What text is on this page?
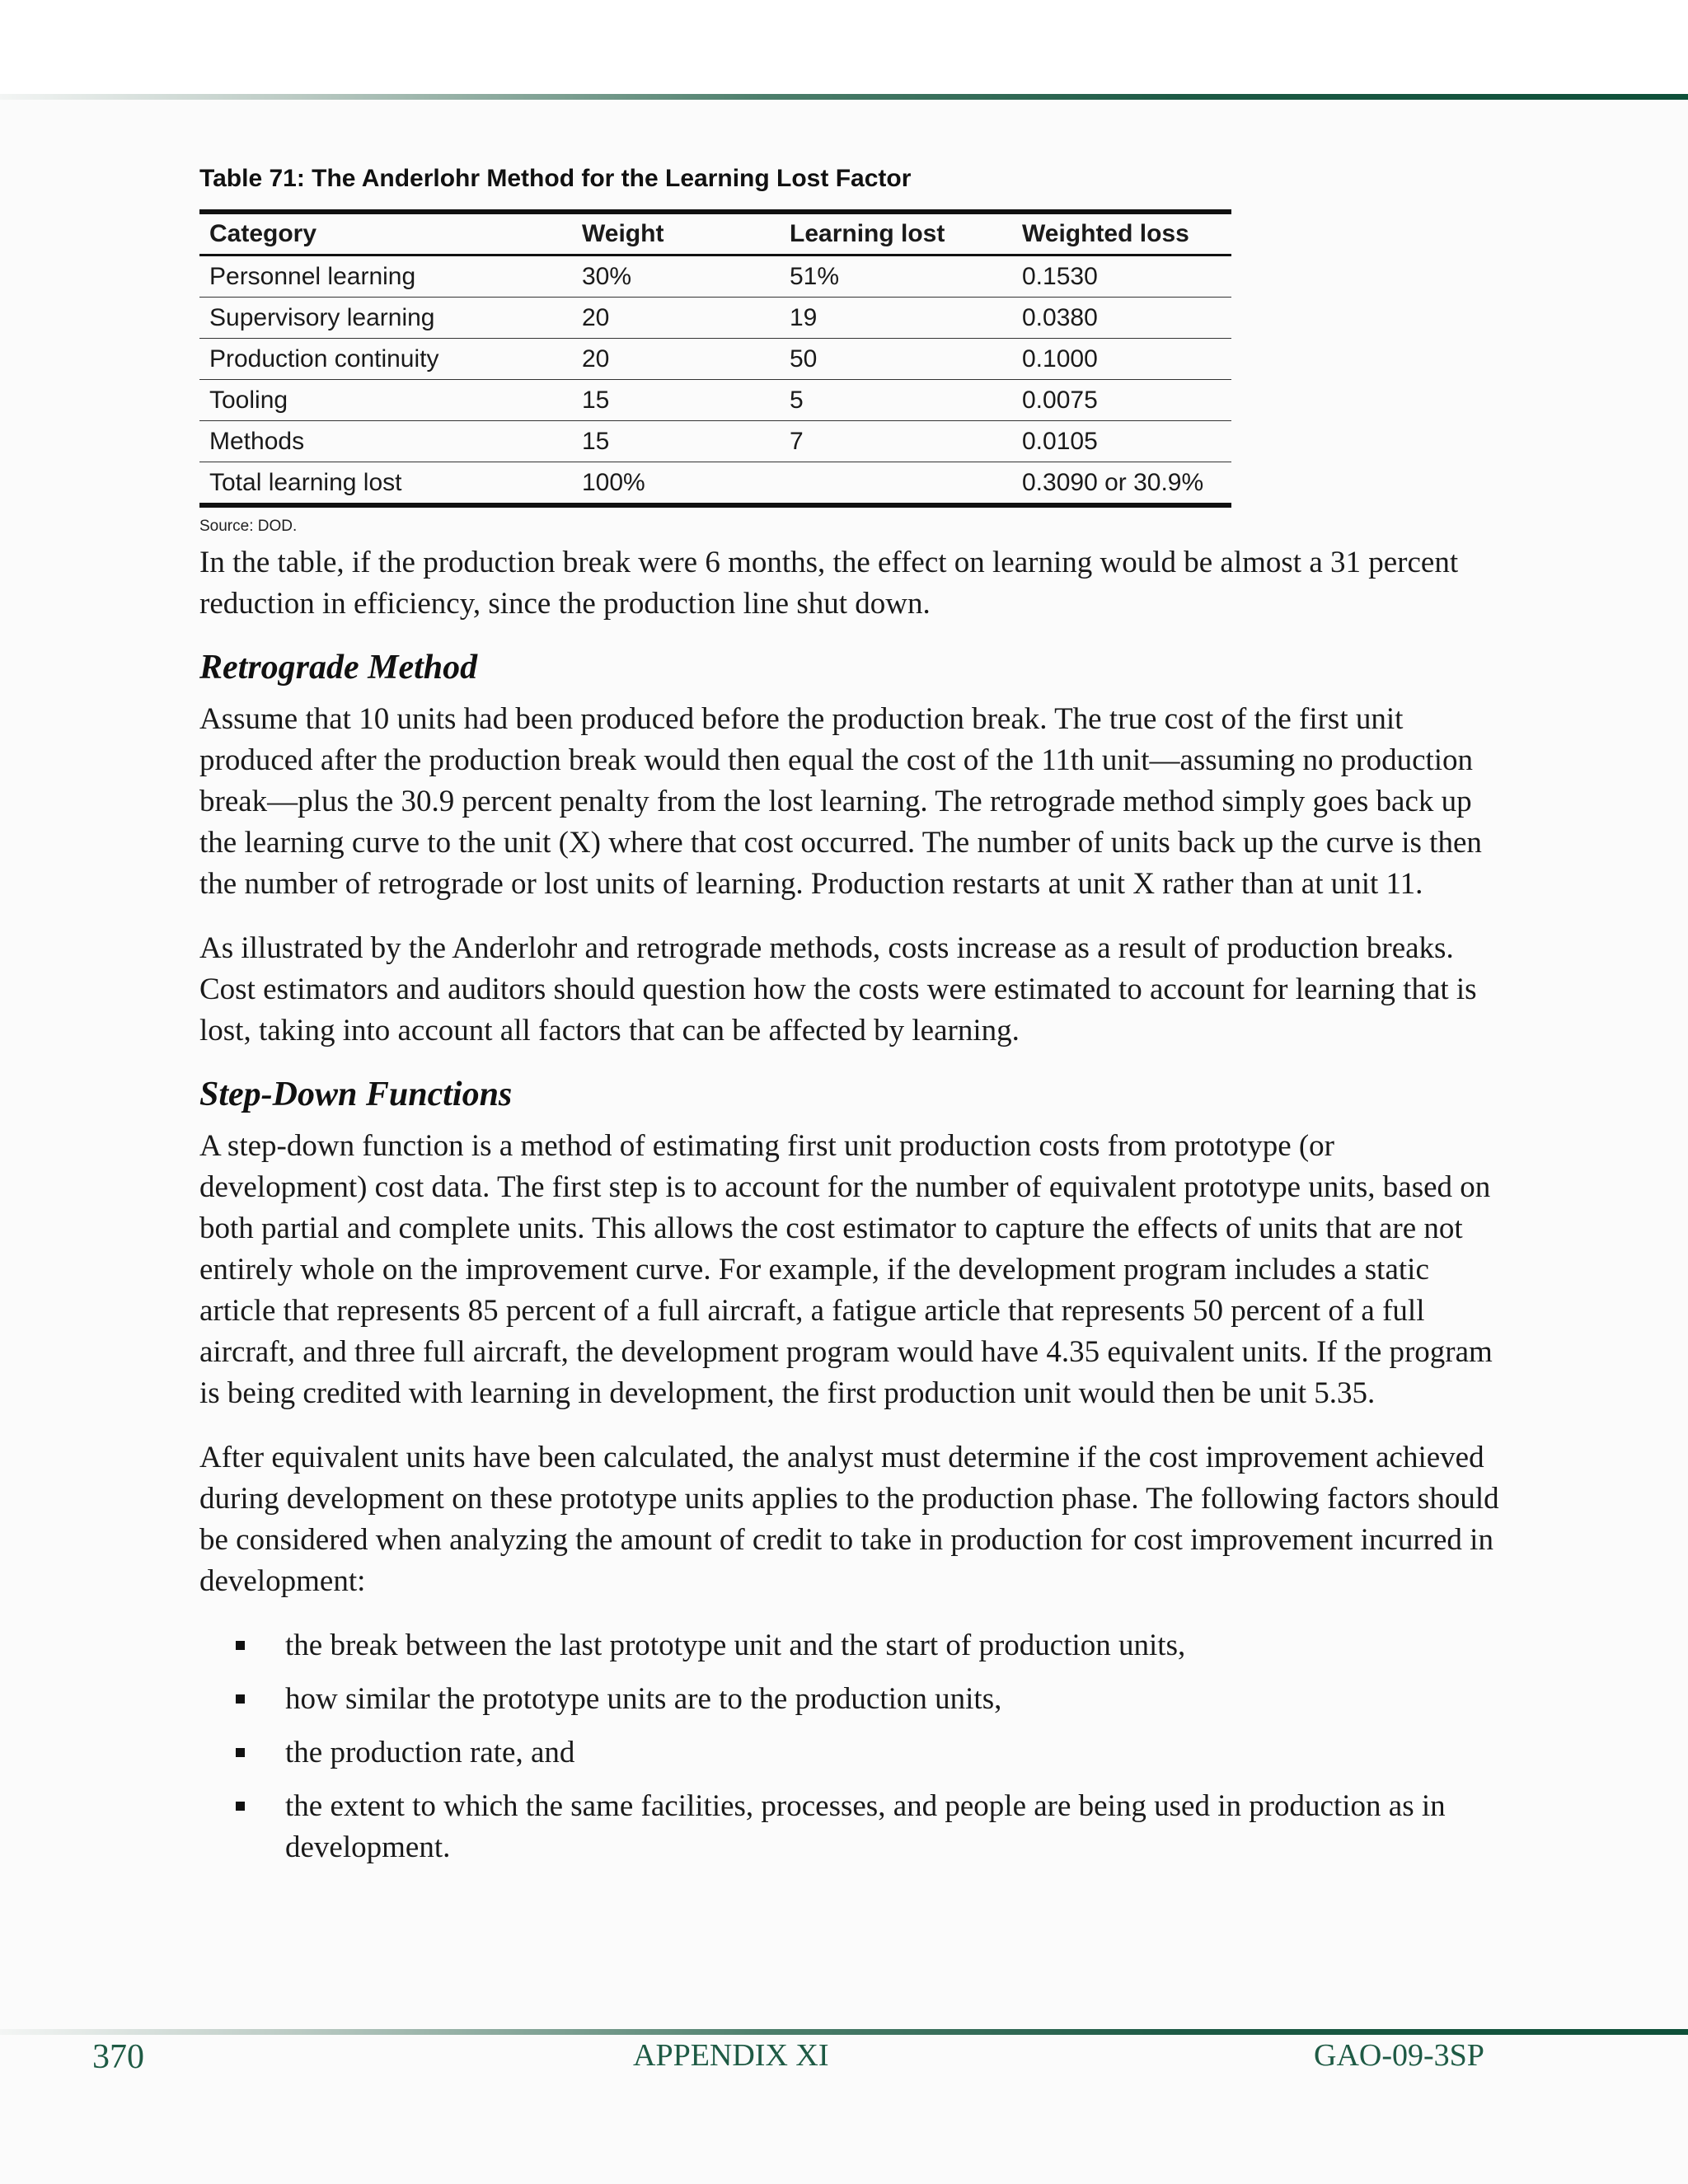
Table 71: The Anderlohr Method for the Learning Lost Factor
Category	Weight	Learning lost	Weighted loss
Personnel learning	30%	51%	0.1530
Supervisory learning	20	19	0.0380
Production continuity	20	50	0.1000
Tooling	15	5	0.0075
Methods	15	7	0.0105
Total learning lost	100%		0.3090 or 30.9%
Source: DOD.

In the table, if the production break were 6 months, the effect on learning would be almost a 31 percent reduction in efficiency, since the production line shut down.

Retrograde Method

Assume that 10 units had been produced before the production break. The true cost of the first unit produced after the production break would then equal the cost of the 11th unit—assuming no production break—plus the 30.9 percent penalty from the lost learning. The retrograde method simply goes back up the learning curve to the unit (X) where that cost occurred. The number of units back up the curve is then the number of retrograde or lost units of learning. Production restarts at unit X rather than at unit 11.

As illustrated by the Anderlohr and retrograde methods, costs increase as a result of production breaks. Cost estimators and auditors should question how the costs were estimated to account for learning that is lost, taking into account all factors that can be affected by learning.

Step-Down Functions

A step-down function is a method of estimating first unit production costs from prototype (or development) cost data. The first step is to account for the number of equivalent prototype units, based on both partial and complete units. This allows the cost estimator to capture the effects of units that are not entirely whole on the improvement curve. For example, if the development program includes a static article that represents 85 percent of a full aircraft, a fatigue article that represents 50 percent of a full aircraft, and three full aircraft, the development program would have 4.35 equivalent units. If the program is being credited with learning in development, the first production unit would then be unit 5.35.

After equivalent units have been calculated, the analyst must determine if the cost improvement achieved during development on these prototype units applies to the production phase. The following factors should be considered when analyzing the amount of credit to take in production for cost improvement incurred in development:

the break between the last prototype unit and the start of production units,
how similar the prototype units are to the production units,
the production rate, and
the extent to which the same facilities, processes, and people are being used in production as in development.
370	APPENDIX XI	GAO-09-3SP
